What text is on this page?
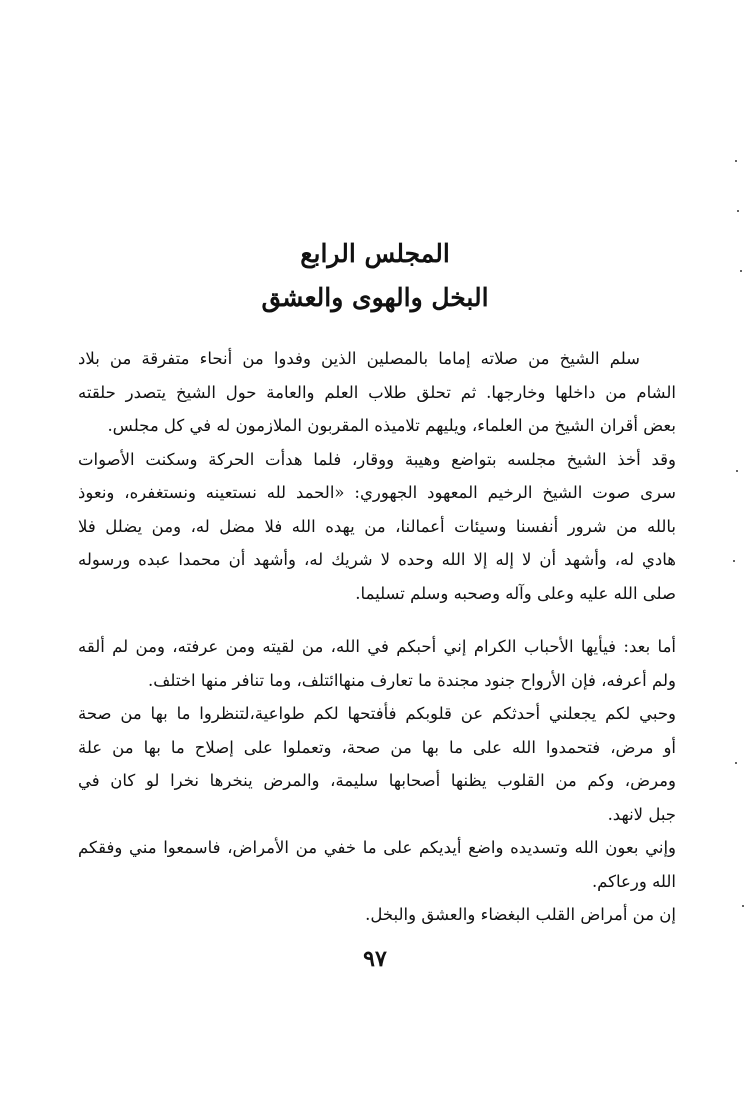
المجلس الرابع

البخل والهوى والعشق

سلم الشيخ من صلاته إماما بالمصلين الذين وفدوا من أنحاء متفرقة من بلاد

الشام من داخلها وخارجها. ثم تحلق طلاب العلم والعامة حول الشيخ يتصدر حلقته

بعض أقران الشيخ من العلماء، ويليهم تلاميذه المقربون الملازمون له في كل مجلس.

وقد أخذ الشيخ مجلسه بتواضع وهيبة ووقار، فلما هدأت الحركة وسكنت الأصوات

سرى صوت الشيخ الرخيم المعهود الجهوري: «الحمد لله نستعينه ونستغفره، ونعوذ

بالله من شرور أنفسنا وسيئات أعمالنا، من يهده الله فلا مضل له، ومن يضلل فلا

هادي له، وأشهد أن لا إله إلا الله وحده لا شريك له، وأشهد أن محمدا عبده ورسوله

صلى الله عليه وعلى وآله وصحبه وسلم تسليما.

أما بعد: فيأيها الأحباب الكرام إني أحبكم في الله، من لقيته ومن عرفته، ومن لم ألقه

ولم أعرفه، فإن الأرواح جنود مجندة ما تعارف منهاائتلف، وما تنافر منها اختلف.

وحبي لكم يجعلني أحدثكم عن قلوبكم فأفتحها لكم طواعية،لتنظروا ما بها من صحة

أو مرض، فتحمدوا الله على ما بها من صحة، وتعملوا على إصلاح ما بها من علة

ومرض، وكم من القلوب يظنها أصحابها سليمة، والمرض ينخرها نخرا لو كان في

جبل لانهد.

وإني بعون الله وتسديده واضع أيديكم على ما خفي من الأمراض، فاسمعوا مني وفقكم

الله ورعاكم.

إن من أمراض القلب البغضاء والعشق والبخل.

٩٧
